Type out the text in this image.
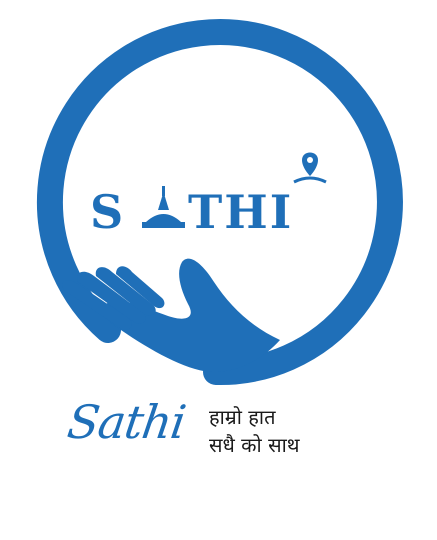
S THI
Sathi हाम्रो हात
सधै को साथ
